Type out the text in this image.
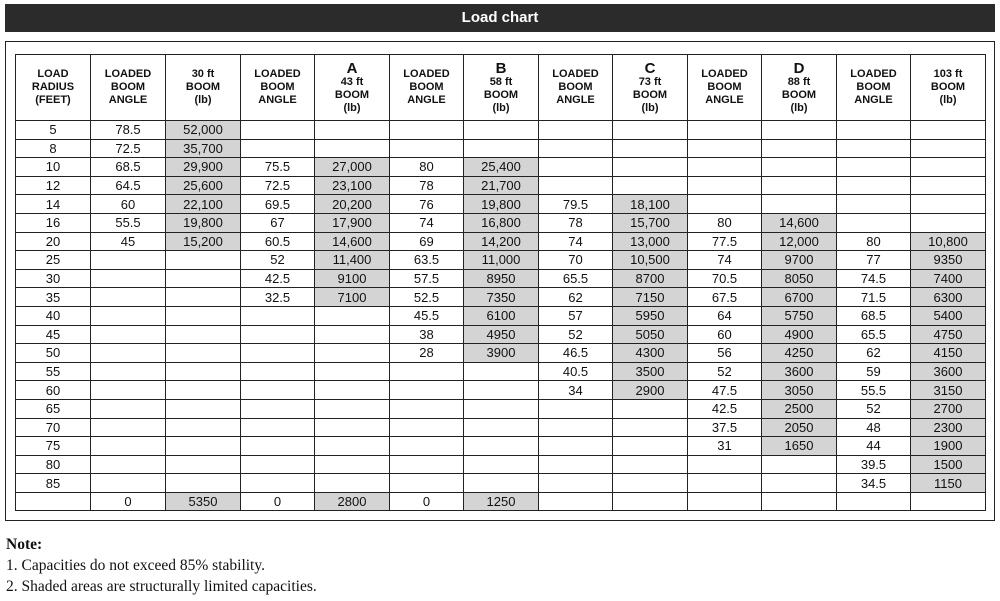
Load chart
LOAD
RADIUS
(FEET)	LOADED
BOOM
ANGLE	30 ft
BOOM
(lb)	LOADED
BOOM
ANGLE	A
43 ft
BOOM
(lb)	LOADED
BOOM
ANGLE	B
58 ft
BOOM
(lb)	LOADED
BOOM
ANGLE	C
73 ft
BOOM
(lb)	LOADED
BOOM
ANGLE	D
88 ft
BOOM
(lb)	LOADED
BOOM
ANGLE	103 ft
BOOM
(lb)

5	78.5	52,000										
8	72.5	35,700										
10	68.5	29,900	75.5	27,000	80	25,400						
12	64.5	25,600	72.5	23,100	78	21,700						
14	60	22,100	69.5	20,200	76	19,800	79.5	18,100				
16	55.5	19,800	67	17,900	74	16,800	78	15,700	80	14,600		
20	45	15,200	60.5	14,600	69	14,200	74	13,000	77.5	12,000	80	10,800
25			52	11,400	63.5	11,000	70	10,500	74	9700	77	9350
30			42.5	9100	57.5	8950	65.5	8700	70.5	8050	74.5	7400
35			32.5	7100	52.5	7350	62	7150	67.5	6700	71.5	6300
40					45.5	6100	57	5950	64	5750	68.5	5400
45					38	4950	52	5050	60	4900	65.5	4750
50					28	3900	46.5	4300	56	4250	62	4150
55							40.5	3500	52	3600	59	3600
60							34	2900	47.5	3050	55.5	3150
65									42.5	2500	52	2700
70									37.5	2050	48	2300
75									31	1650	44	1900
80											39.5	1500
85											34.5	1150
	0	5350	0	2800	0	1250						
Note:
1. Capacities do not exceed 85% stability.
2. Shaded areas are structurally limited capacities.
